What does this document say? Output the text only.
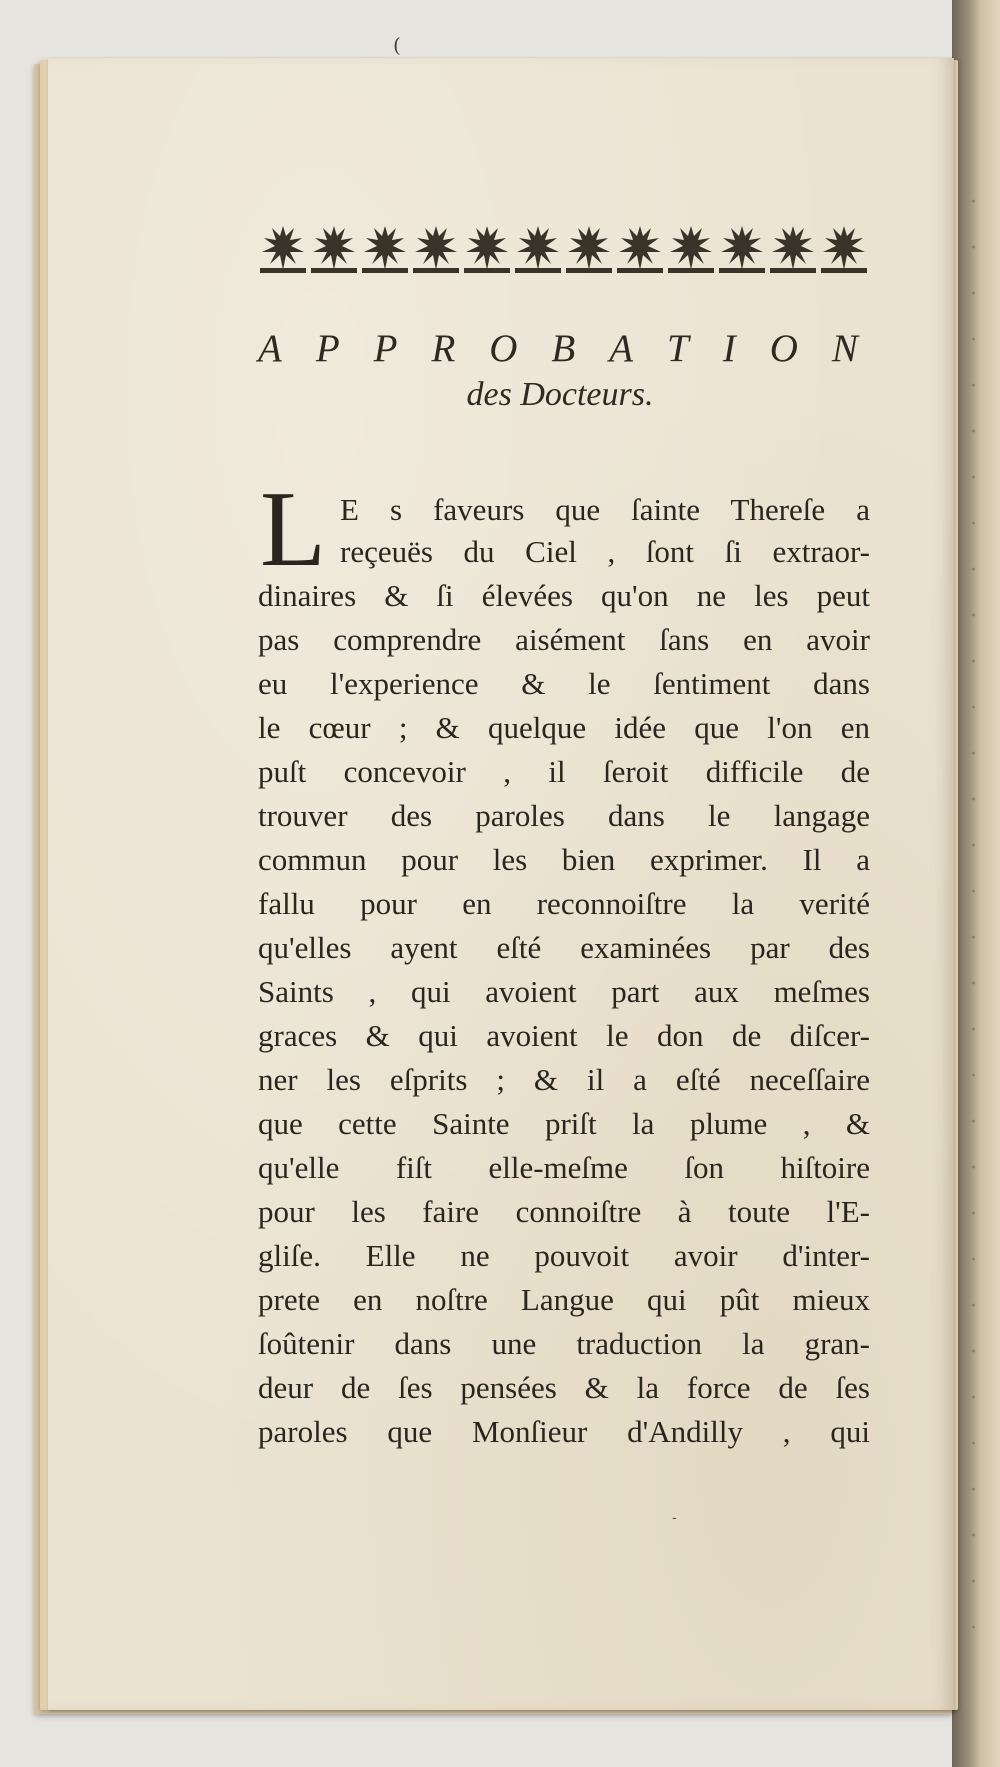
·
·
·
·
·
·
·
·
·
·
·
·
·
·
·
·
·
·
·
·
·
·
·
·
·
·
·
·
·
·
·
·
(
A P P R O B A T I O N
des Docteurs.
L E s faveurs que ſainte Thereſe a
reçeuës du Ciel , ſont ſi extraor-
dinaires & ſi élevées qu'on ne les peut
pas comprendre aisément ſans en avoir
eu l'experience & le ſentiment dans
le cœur ; & quelque idée que l'on en
puſt concevoir , il ſeroit difficile de
trouver des paroles dans le langage
commun pour les bien exprimer. Il a
fallu pour en reconnoiſtre la verité
qu'elles ayent eſté examinées par des
Saints , qui avoient part aux meſmes
graces & qui avoient le don de diſcer-
ner les eſprits ; & il a eſté neceſſaire
que cette Sainte priſt la plume , &
qu'elle fiſt elle-meſme ſon hiſtoire
pour les faire connoiſtre à toute l'E-
gliſe. Elle ne pouvoit avoir d'inter-
prete en noſtre Langue qui pût mieux
ſoûtenir dans une traduction la gran-
deur de ſes pensées & la force de ſes
paroles que Monſieur d'Andilly , qui
‐
